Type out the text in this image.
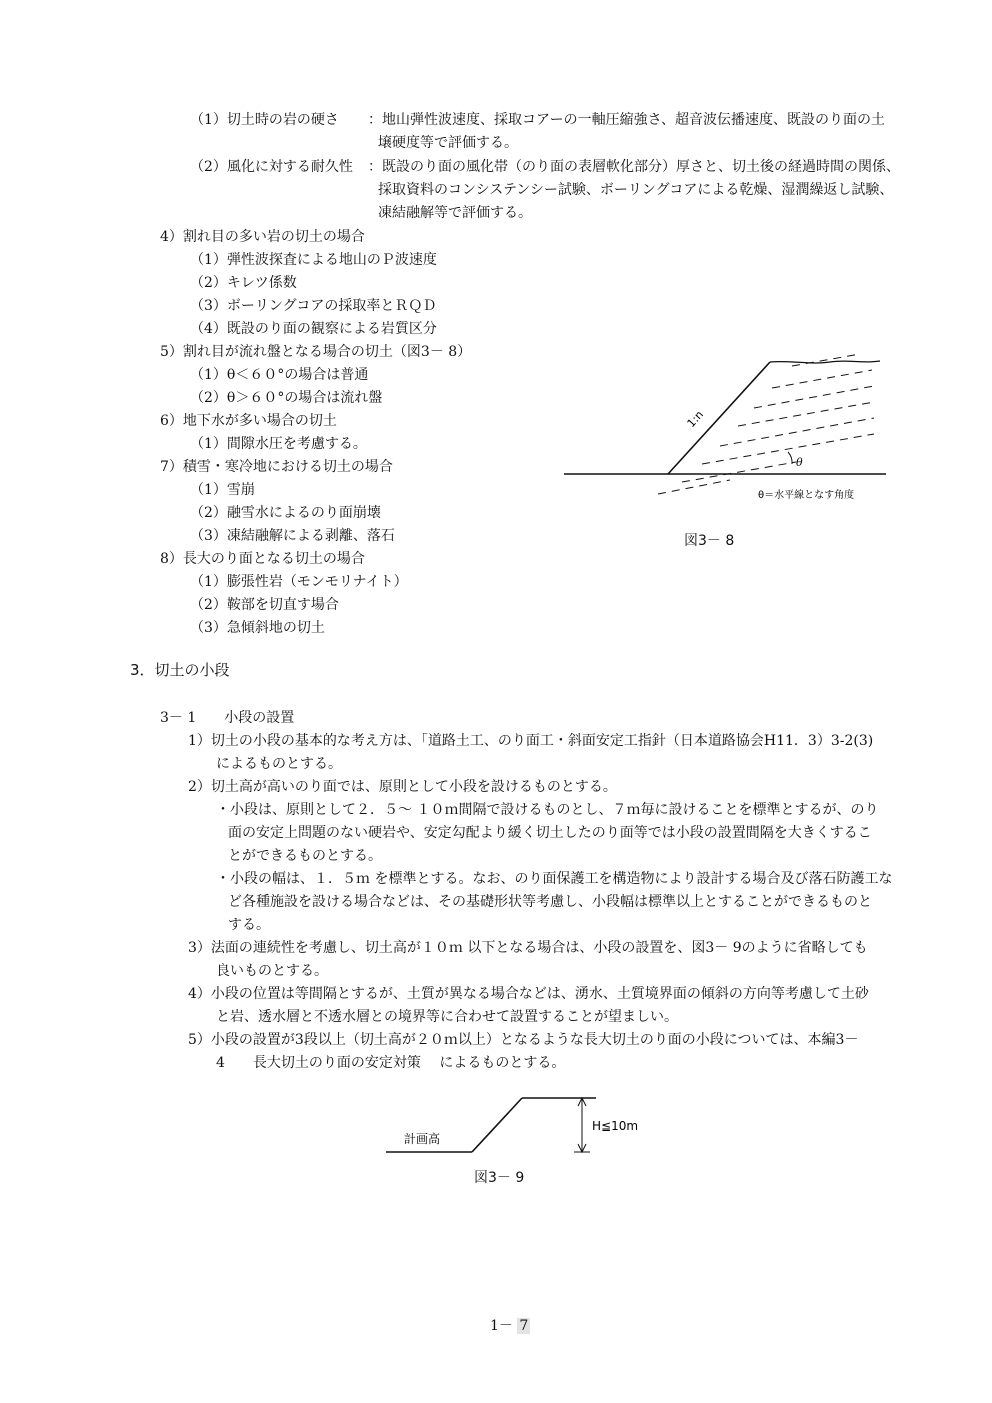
（1）切土時の岩の硬さ ：地山弾性波速度、採取コアーの一軸圧縮強さ、超音波伝播速度、既設のり面の土
壌硬度等で評価する。
（2）風化に対する耐久性 ：既設のり面の風化帯（のり面の表層軟化部分）厚さと、切土後の経過時間の関係、
採取資料のコンシステンシー試験、ボーリングコアによる乾燥、湿潤繰返し試験、
凍結融解等で評価する。
4）割れ目の多い岩の切土の場合
（1）弾性波探査による地山のＰ波速度
（2）キレツ係数
（3）ボーリングコアの採取率とＲＱＤ
（4）既設のり面の観察による岩質区分
5）割れ目が流れ盤となる場合の切土（図3－ 8）
（1）θ＜６０°の場合は普通
（2）θ＞６０°の場合は流れ盤
6）地下水が多い場合の切土
（1）間隙水圧を考慮する。
7）積雪・寒冷地における切土の場合
（1）雪崩
（2）融雪水によるのり面崩壊
（3）凍結融解による剥離、落石
8）長大のり面となる切土の場合
（1）膨張性岩（モンモリナイト）
（2）鞍部を切直す場合
（3）急傾斜地の切土
1:n
θ
θ＝水平線となす角度
図3－ 8
3．切土の小段
3－ 1　　小段の設置
1）切土の小段の基本的な考え方は、「道路土工、のり面工・斜面安定工指針（日本道路協会H11．3）3-2(3)
によるものとする。
2）切土高が高いのり面では、原則として小段を設けるものとする。
・小段は、原則として２．５～ １０ｍ間隔で設けるものとし、７ｍ毎に設けることを標準とするが、のり
面の安定上問題のない硬岩や、安定勾配より緩く切土したのり面等では小段の設置間隔を大きくするこ
とができるものとする。
・小段の幅は、１．５ｍ を標準とする。なお、のり面保護工を構造物により設計する場合及び落石防護工な
ど各種施設を設ける場合などは、その基礎形状等考慮し、小段幅は標準以上とすることができるものと
する。
3）法面の連続性を考慮し、切土高が１０ｍ 以下となる場合は、小段の設置を、図3－ 9のように省略しても
良いものとする。
4）小段の位置は等間隔とするが、土質が異なる場合などは、湧水、土質境界面の傾斜の方向等考慮して土砂
と岩、透水層と不透水層との境界等に合わせて設置することが望ましい。
5）小段の設置が3段以上（切土高が２０ｍ以上）となるような長大切土のり面の小段については、本編3－
4　　長大切土のり面の安定対策　 によるものとする。
計画高
H≦10m
図3－ 9
1－ 7
